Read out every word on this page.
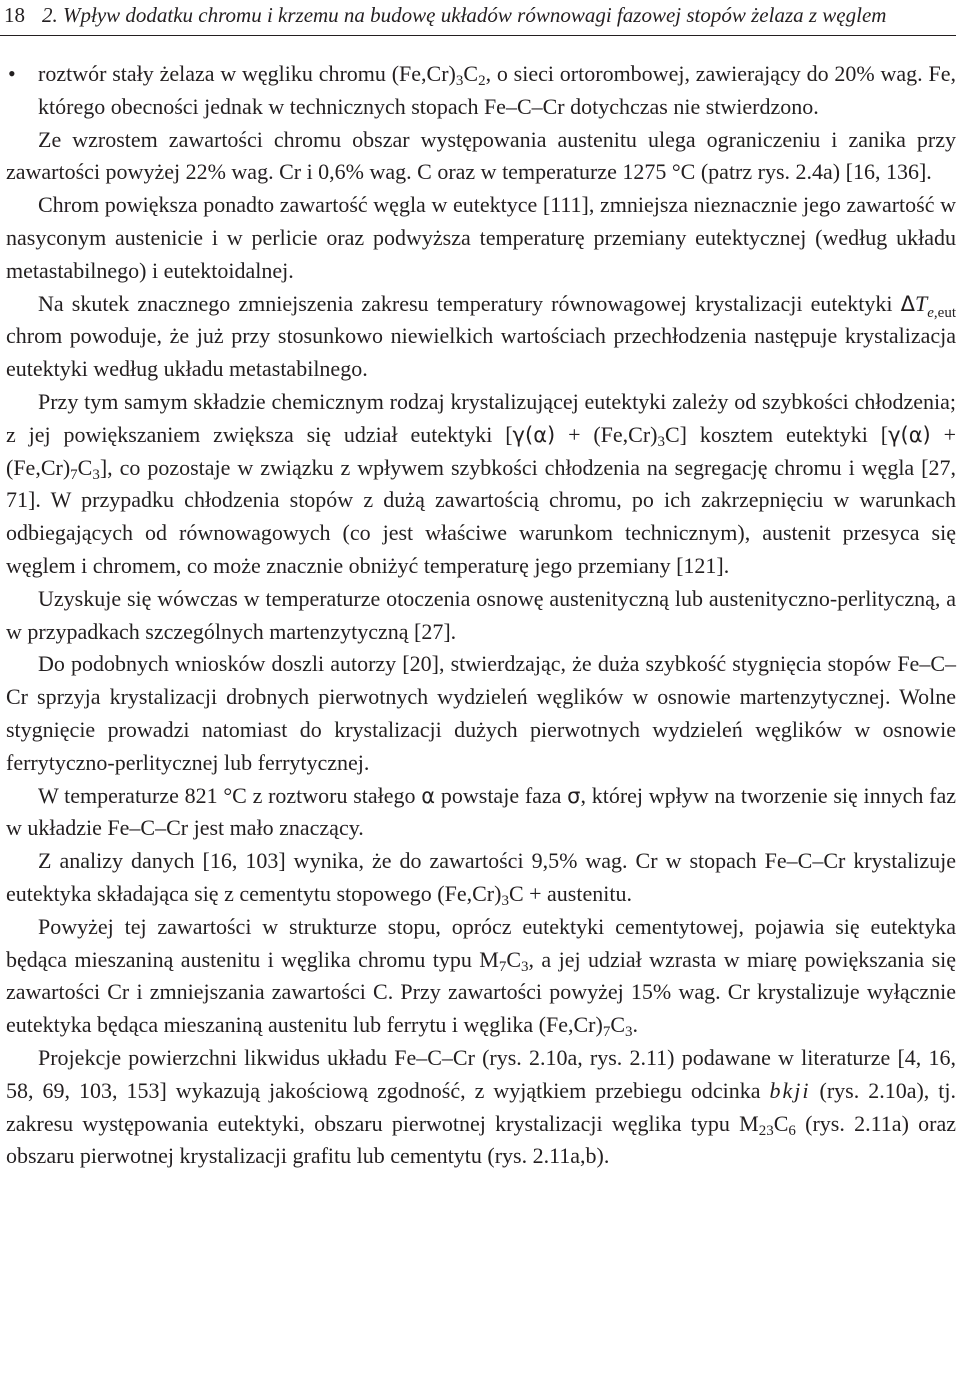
18 2. Wpływ dodatku chromu i krzemu na budowę układów równowagi fazowej stopów żelaza z węglem

• roztwór stały żelaza w węgliku chromu $(Fe,Cr)_3C_2$, o sieci ortorombowej, zawierający do 20% wag. Fe, którego obecności jednak w technicznych stopach Fe–C–Cr dotychczas nie stwierdzono.

Ze wzrostem zawartości chromu obszar występowania austenitu ulega ograniczeniu i zanika przy zawartości powyżej 22% wag. Cr i 0,6% wag. C oraz w temperaturze 1275 °C (patrz rys. 2.4a) [16, 136].

Chrom powiększa ponadto zawartość węgla w eutektyce [111], zmniejsza nieznacznie jego zawartość w nasyconym austenicie i w perlicie oraz podwyższa temperaturę przemiany eutektycznej (według układu metastabilnego) i eutektoidalnej.

Na skutek znacznego zmniejszenia zakresu temperatury równowagowej krystalizacji eutektyki $\Delta T_{e,eut}$ chrom powoduje, że już przy stosunkowo niewielkich wartościach przechłodzenia następuje krystalizacja eutektyki według układu metastabilnego.

Przy tym samym składzie chemicznym rodzaj krystalizującej eutektyki zależy od szybkości chłodzenia; z jej powiększaniem zwiększa się udział eutektyki $[\gamma(\alpha) + (Fe,Cr)_3C]$ kosztem eutektyki $[\gamma(\alpha) + (Fe,Cr)_7C_3]$, co pozostaje w związku z wpływem szybkości chłodzenia na segregację chromu i węgla [27, 71]. W przypadku chłodzenia stopów z dużą zawartością chromu, po ich zakrzepnięciu w warunkach odbiegających od równowagowych (co jest właściwe warunkom technicznym), austenit przesyca się węglem i chromem, co może znacznie obniżyć temperaturę jego przemiany [121].

Uzyskuje się wówczas w temperaturze otoczenia osnowę austenityczną lub austenityczno-perlityczną, a w przypadkach szczególnych martenzytyczną [27].

Do podobnych wniosków doszli autorzy [20], stwierdzając, że duża szybkość stygnięcia stopów Fe–C–Cr sprzyja krystalizacji drobnych pierwotnych wydzieleń węglików w osnowie martenzytycznej. Wolne stygnięcie prowadzi natomiast do krystalizacji dużych pierwotnych wydzieleń węglików w osnowie ferrytyczno-perlitycznej lub ferrytycznej.

W temperaturze 821 °C z roztworu stałego α powstaje faza σ, której wpływ na tworzenie się innych faz w układzie Fe–C–Cr jest mało znaczący.

Z analizy danych [16, 103] wynika, że do zawartości 9,5% wag. Cr w stopach Fe–C–Cr krystalizuje eutektyka składająca się z cementytu stopowego $(Fe,Cr)_3C$ + austenitu.

Powyżej tej zawartości w strukturze stopu, oprócz eutektyki cementytowej, pojawia się eutektyka będąca mieszaniną austenitu i węglika chromu typu $M_7C_3$, a jej udział wzrasta w miarę powiększania się zawartości Cr i zmniejszania zawartości C. Przy zawartości powyżej 15% wag. Cr krystalizuje wyłącznie eutektyka będąca mieszaniną austenitu lub ferrytu i węglika $(Fe,Cr)_7C_3$.

Projekcje powierzchni likwidus układu Fe–C–Cr (rys. 2.10a, rys. 2.11) podawane w literaturze [4, 16, 58, 69, 103, 153] wykazują jakościową zgodność, z wyjątkiem przebiegu odcinka bkji (rys. 2.10a), tj. zakresu występowania eutektyki, obszaru pierwotnej krystalizacji węglika typu $M_{23}C_6$ (rys. 2.11a) oraz obszaru pierwotnej krystalizacji grafitu lub cementytu (rys. 2.11a,b).
